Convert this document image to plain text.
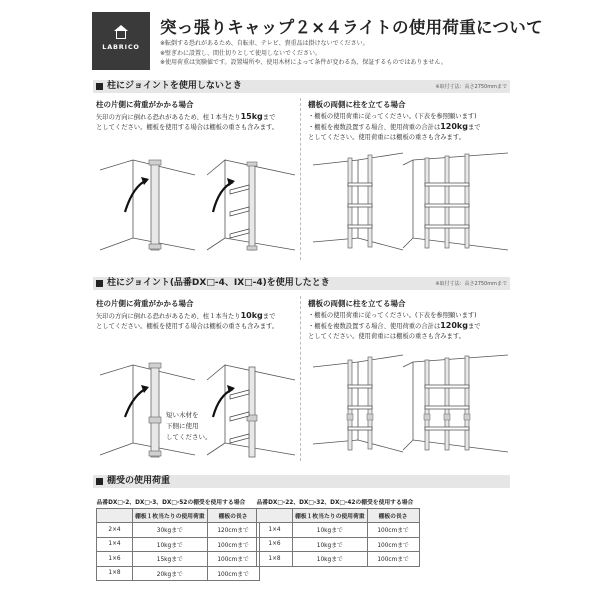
LABRICO
突っ張りキャップ２×４ライトの使用荷重について
※転倒する恐れがあるため、自転車、テレビ、貴重品は掛けないでください。
※壁ぎわに設置し、間仕切りとして使用しないでください。
※使用荷重は実験値です。設置場所や、使用木材によって条件が変わる為、保証するものではありません。
柱にジョイントを使用しないとき	※取付寸法：高さ2750mmまで
柱の片側に荷重がかかる場合
矢印の方向に倒れる恐れがあるため、柱１本当たり15kgまで
としてください。棚板を使用する場合は棚板の重さも含みます。
棚板の両側に柱を立てる場合
・棚板の使用荷重に従ってください。(下表を参照願います)
・棚板を複数設置する場合、使用荷重の合計は120kgまで
としてください。使用荷重には棚板の重さも含みます。
柱にジョイント(品番DX□-4、IX□-4)を使用したとき	※取付寸法：高さ2750mmまで
柱の片側に荷重がかかる場合
矢印の方向に倒れる恐れがあるため、柱１本当たり10kgまで
としてください。棚板を使用する場合は棚板の重さも含みます。
棚板の両側に柱を立てる場合
・棚板の使用荷重に従ってください。(下表を参照願います)
・棚板を複数設置する場合、使用荷重の合計は120kgまで
としてください。使用荷重には棚板の重さも含みます。
短い木材を
下側に使用
してください。
棚受の使用荷重
品番DX□-2、DX□-3、DX□-52の棚受を使用する場合		
	棚板１枚当たりの使用荷重	棚板の長さ
2×4	30kgまで	120cmまで
1×4	10kgまで	100cmまで
1×6	15kgまで	100cmまで
1×8	20kgまで	100cmまで
品番DX□-22、DX□-32、DX□-42の棚受を使用する場合		
	棚板１枚当たりの使用荷重	棚板の長さ
1×4	10kgまで	100cmまで
1×6	10kgまで	100cmまで
1×8	10kgまで	100cmまで
